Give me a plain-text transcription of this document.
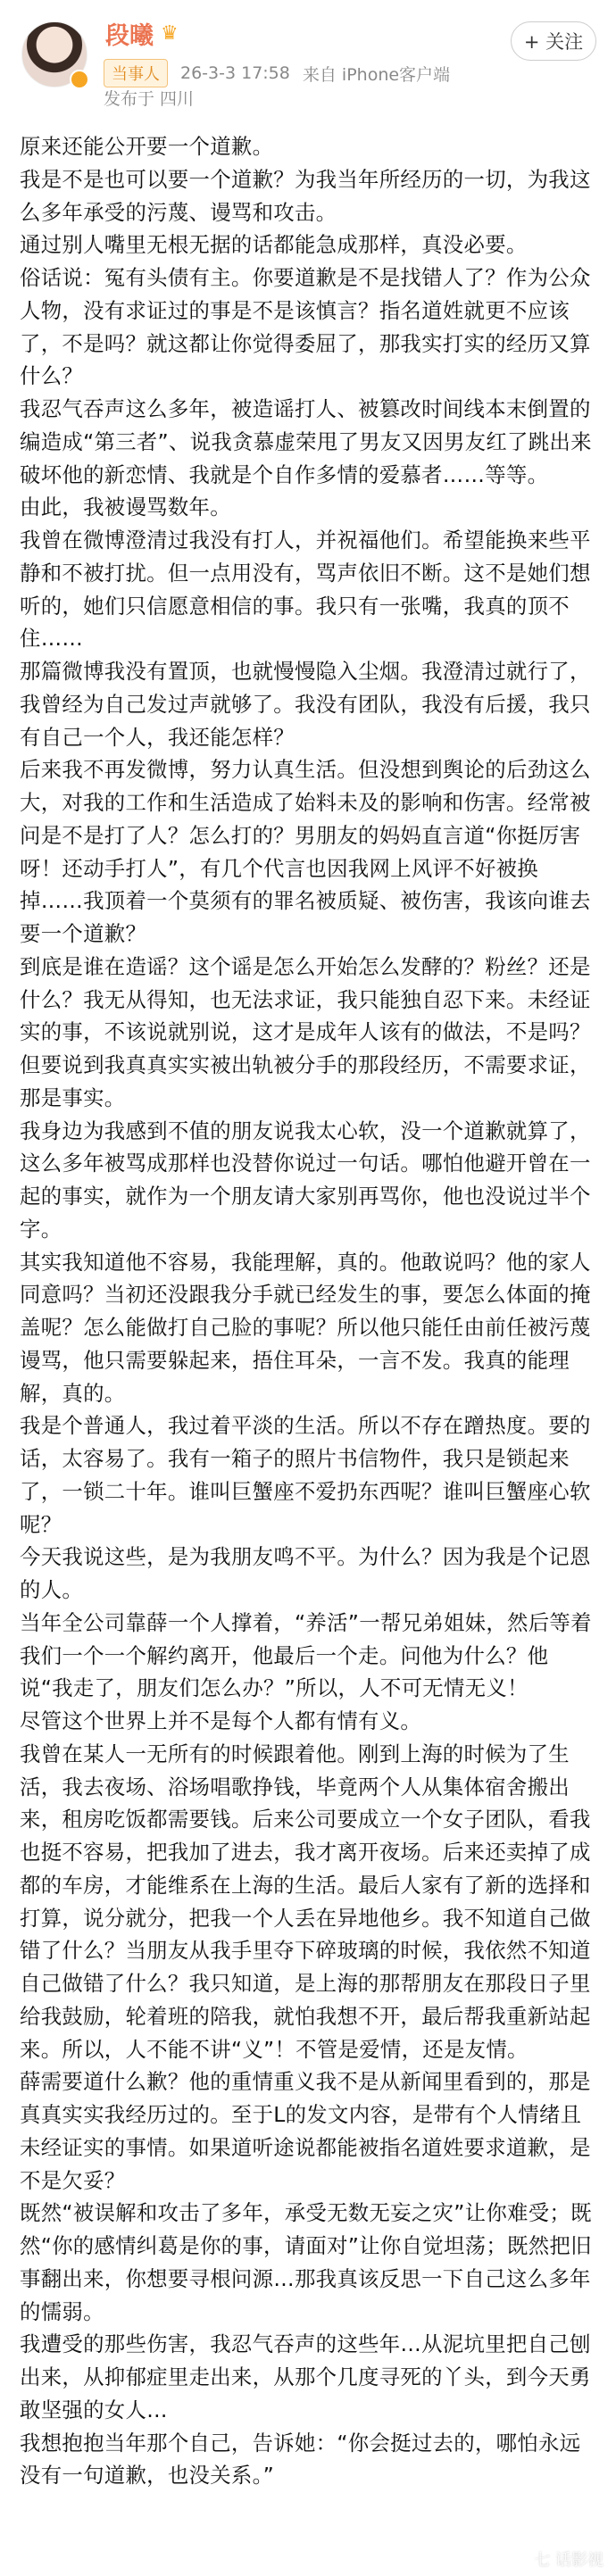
段曦 ♛
当事人	26-3-3 17:58 来自 iPhone客户端
发布于 四川
+ 关注

原来还能公开要一个道歉。

我是不是也可以要一个道歉？为我当年所经历的一切，为我这么多年承受的污蔑、谩骂和攻击。

通过别人嘴里无根无据的话都能急成那样，真没必要。

俗话说：冤有头债有主。你要道歉是不是找错人了？作为公众人物，没有求证过的事是不是该慎言？指名道姓就更不应该了，不是吗？就这都让你觉得委屈了，那我实打实的经历又算什么？

我忍气吞声这么多年，被造谣打人、被篡改时间线本末倒置的编造成“第三者”、说我贪慕虚荣甩了男友又因男友红了跳出来破坏他的新恋情、我就是个自作多情的爱慕者……等等。

由此，我被谩骂数年。

我曾在微博澄清过我没有打人，并祝福他们。希望能换来些平静和不被打扰。但一点用没有，骂声依旧不断。这不是她们想听的，她们只信愿意相信的事。我只有一张嘴，我真的顶不住……

那篇微博我没有置顶，也就慢慢隐入尘烟。我澄清过就行了，我曾经为自己发过声就够了。我没有团队，我没有后援，我只有自己一个人，我还能怎样？

后来我不再发微博，努力认真生活。但没想到舆论的后劲这么大，对我的工作和生活造成了始料未及的影响和伤害。经常被问是不是打了人？怎么打的？男朋友的妈妈直言道“你挺厉害呀！还动手打人”，有几个代言也因我网上风评不好被换掉……我顶着一个莫须有的罪名被质疑、被伤害，我该向谁去要一个道歉？

到底是谁在造谣？这个谣是怎么开始怎么发酵的？粉丝？还是什么？我无从得知，也无法求证，我只能独自忍下来。未经证实的事，不该说就别说，这才是成年人该有的做法，不是吗？但要说到我真真实实被出轨被分手的那段经历，不需要求证，那是事实。

我身边为我感到不值的朋友说我太心软，没一个道歉就算了，这么多年被骂成那样也没替你说过一句话。哪怕他避开曾在一起的事实，就作为一个朋友请大家别再骂你，他也没说过半个字。

其实我知道他不容易，我能理解，真的。他敢说吗？他的家人同意吗？当初还没跟我分手就已经发生的事，要怎么体面的掩盖呢？怎么能做打自己脸的事呢？所以他只能任由前任被污蔑谩骂，他只需要躲起来，捂住耳朵，一言不发。我真的能理解，真的。

我是个普通人，我过着平淡的生活。所以不存在蹭热度。要的话，太容易了。我有一箱子的照片书信物件，我只是锁起来了，一锁二十年。谁叫巨蟹座不爱扔东西呢？谁叫巨蟹座心软呢？

今天我说这些，是为我朋友鸣不平。为什么？因为我是个记恩的人。

当年全公司靠薛一个人撑着，“养活”一帮兄弟姐妹，然后等着我们一个一个解约离开，他最后一个走。问他为什么？他说“我走了，朋友们怎么办？”所以，人不可无情无义！

尽管这个世界上并不是每个人都有情有义。

我曾在某人一无所有的时候跟着他。刚到上海的时候为了生活，我去夜场、浴场唱歌挣钱，毕竟两个人从集体宿舍搬出来，租房吃饭都需要钱。后来公司要成立一个女子团队，看我也挺不容易，把我加了进去，我才离开夜场。后来还卖掉了成都的车房，才能维系在上海的生活。最后人家有了新的选择和打算，说分就分，把我一个人丢在异地他乡。我不知道自己做错了什么？当朋友从我手里夺下碎玻璃的时候，我依然不知道自己做错了什么？我只知道，是上海的那帮朋友在那段日子里给我鼓励，轮着班的陪我，就怕我想不开，最后帮我重新站起来。所以，人不能不讲“义”！不管是爱情，还是友情。

薛需要道什么歉？他的重情重义我不是从新闻里看到的，那是真真实实我经历过的。至于L的发文内容，是带有个人情绪且未经证实的事情。如果道听途说都能被指名道姓要求道歉，是不是欠妥？

既然“被误解和攻击了多年，承受无数无妄之灾”让你难受；既然“你的感情纠葛是你的事，请面对”让你自觉坦荡；既然把旧事翻出来，你想要寻根问源…那我真该反思一下自己这么多年的懦弱。

我遭受的那些伤害，我忍气吞声的这些年…从泥坑里把自己刨出来，从抑郁症里走出来，从那个几度寻死的丫头，到今天勇敢坚强的女人…

我想抱抱当年那个自己，告诉她：“你会挺过去的，哪怕永远没有一句道歉，也没关系。”

七 话影视
